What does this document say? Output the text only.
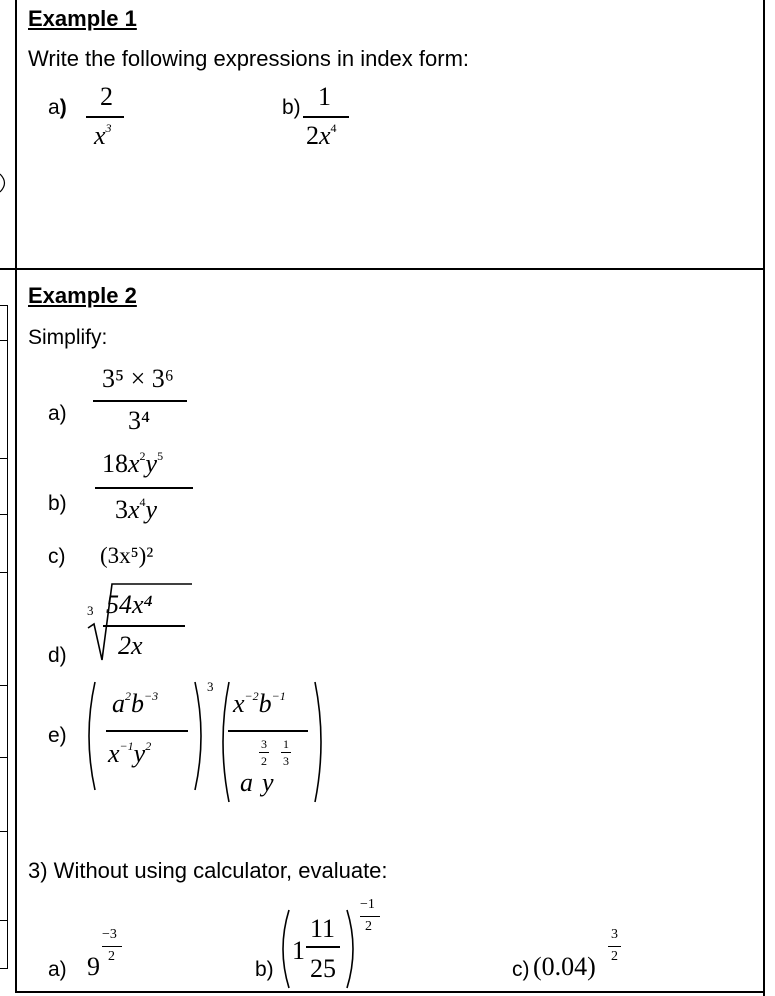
Example 1
Write the following expressions in index form:
a) 2
$x^3$
b) 1
$2x^4$
Example 2
Simplify:
a)
3⁵ × 3⁶
3⁴
b)
$18x^2y^5$
$3x^4y$
c) (3x⁵)²
d)
3 54x⁴
2x
e)
$a^2b^{-3}$
$x^{-1}y^2$
3
$x^{-2}b^{-1}$
3
2
1
3
a y
3) Without using calculator, evaluate:
a) 9
−3
2
b)
1
11
25
−1
2
c) (0.04)
3
2
